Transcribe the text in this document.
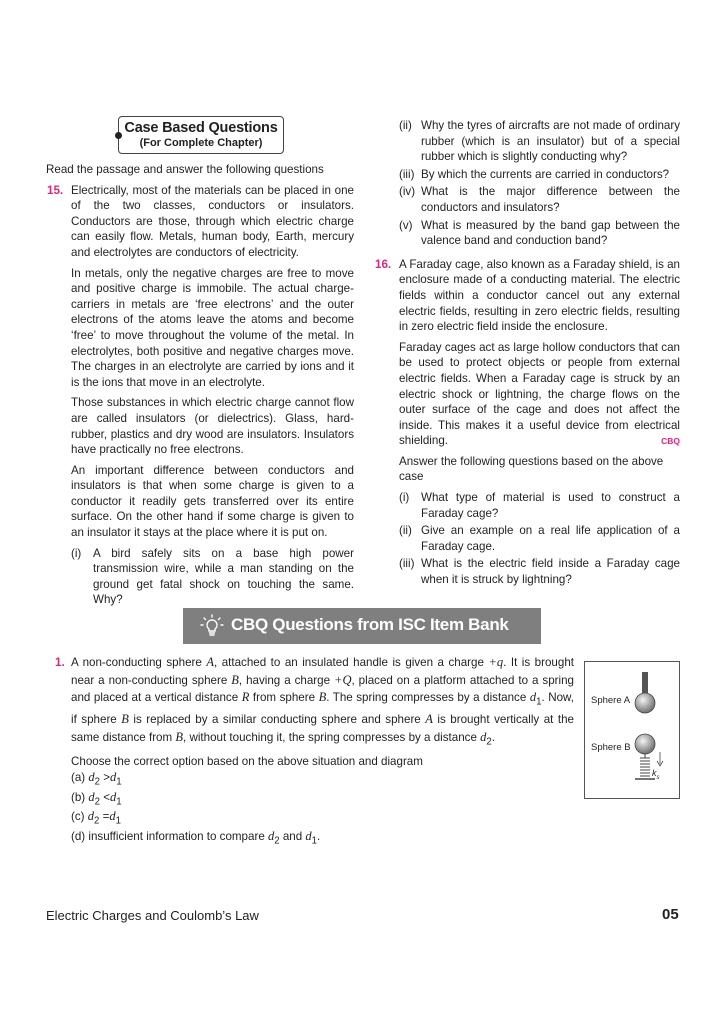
Case Based Questions
(For Complete Chapter)

Read the passage and answer the following questions

15. Electrically, most of the materials can be placed in one of the two classes, conductors or insulators. Conductors are those, through which electric charge can easily flow. Metals, human body, Earth, mercury and electrolytes are conductors of electricity.

In metals, only the negative charges are free to move and positive charge is immobile. The actual charge-carriers in metals are ‘free electrons’ and the outer electrons of the atoms leave the atoms and become ‘free’ to move throughout the volume of the metal. In electrolytes, both positive and negative charges move. The charges in an electrolyte are carried by ions and it is the ions that move in an electrolyte.

Those substances in which electric charge cannot flow are called insulators (or dielectrics). Glass, hard-rubber, plastics and dry wood are insulators. Insulators have practically no free electrons.

An important difference between conductors and insulators is that when some charge is given to a conductor it readily gets transferred over its entire surface. On the other hand if some charge is given to an insulator it stays at the place where it is put on.

(i) A bird safely sits on a base high power transmission wire, while a man standing on the ground get fatal shock on touching the same. Why?
(ii) Why the tyres of aircrafts are not made of ordinary rubber (which is an insulator) but of a special rubber which is slightly conducting why?
(iii) By which the currents are carried in conductors?
(iv) What is the major difference between the conductors and insulators?
(v) What is measured by the band gap between the valence band and conduction band?
16. A Faraday cage, also known as a Faraday shield, is an enclosure made of a conducting material. The electric fields within a conductor cancel out any external electric fields, resulting in zero electric fields, resulting in zero electric field inside the enclosure.

Faraday cages act as large hollow conductors that can be used to protect objects or people from external electric fields. When a Faraday cage is struck by an electric shock or lightning, the charge flows on the outer surface of the cage and does not affect the inside. This makes it a useful device from electrical shielding.	CBQ

Answer the following questions based on the above case

(i) What type of material is used to construct a Faraday cage?
(ii) Give an example on a real life application of a Faraday cage.
(iii) What is the electric field inside a Faraday cage when it is struck by lightning?
CBQ Questions from ISC Item Bank
1. A non-conducting sphere A, attached to an insulated handle is given a charge +q. It is brought near a non-conducting sphere B, having a charge +Q, placed on a platform attached to a spring and placed at a vertical distance R from sphere B. The spring compresses by a distance $d_1$. Now, if sphere B is replaced by a similar conducting sphere and sphere A is brought vertically at the same distance from B, without touching it, the spring compresses by a distance $d_2$.

Choose the correct option based on the above situation and diagram

(a) $d_2 >d_1$

(b) $d_2 <d_1$

(c) $d_2 =d_1$

(d) insufficient information to compare $d_2$ and $d_1$.

Sphere A
Sphere B
$k_s$
Electric Charges and Coulomb’s Law	05
